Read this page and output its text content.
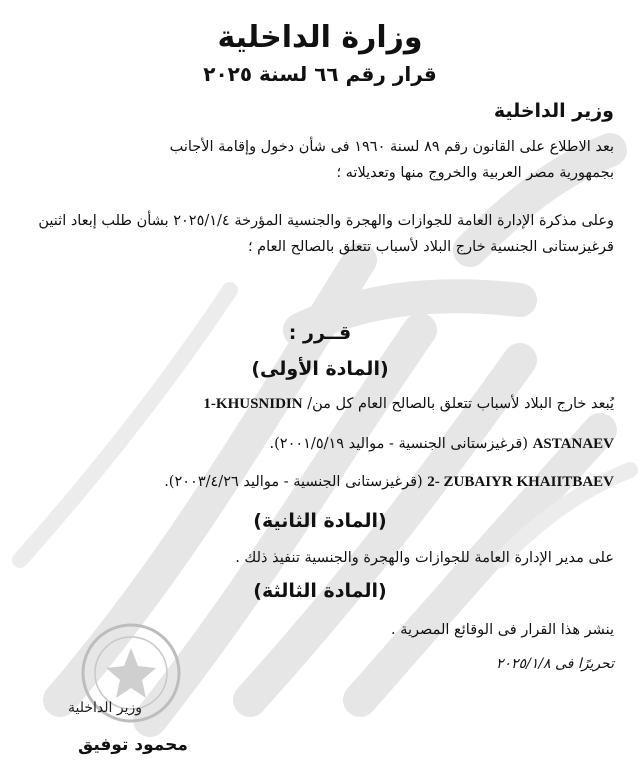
وزارة الداخلية
قرار رقم ٦٦ لسنة ٢٠٢٥
وزير الداخلية
بعد الاطلاع على القانون رقم ٨٩ لسنة ١٩٦٠ فى شأن دخول وإقامة الأجانب
بجمهورية مصر العربية والخروج منها وتعديلاته ؛
وعلى مذكرة الإدارة العامة للجوازات والهجرة والجنسية المؤرخة ٢٠٢٥/١/٤ بشأن طلب إبعاد اثنين قرغيزستانى الجنسية خارج البلاد لأسباب تتعلق بالصالح العام ؛
قــرر :
(المادة الأولى)
يُبعد خارج البلاد لأسباب تتعلق بالصالح العام كل من/ 1-KHUSNIDIN
ASTANAEV (قرغيزستانى الجنسية - مواليد ٢٠٠١/٥/١٩).
2- ZUBAIYR KHAIITBAEV (قرغيزستانى الجنسية - مواليد ٢٠٠٣/٤/٢٦).
(المادة الثانية)
على مدير الإدارة العامة للجوازات والهجرة والجنسية تنفيذ ذلك .
(المادة الثالثة)
ينشر هذا القرار فى الوقائع المصرية .
تحريرًا فى ٢٠٢٥/١/٨
وزير الداخلية
محمود توفيق
